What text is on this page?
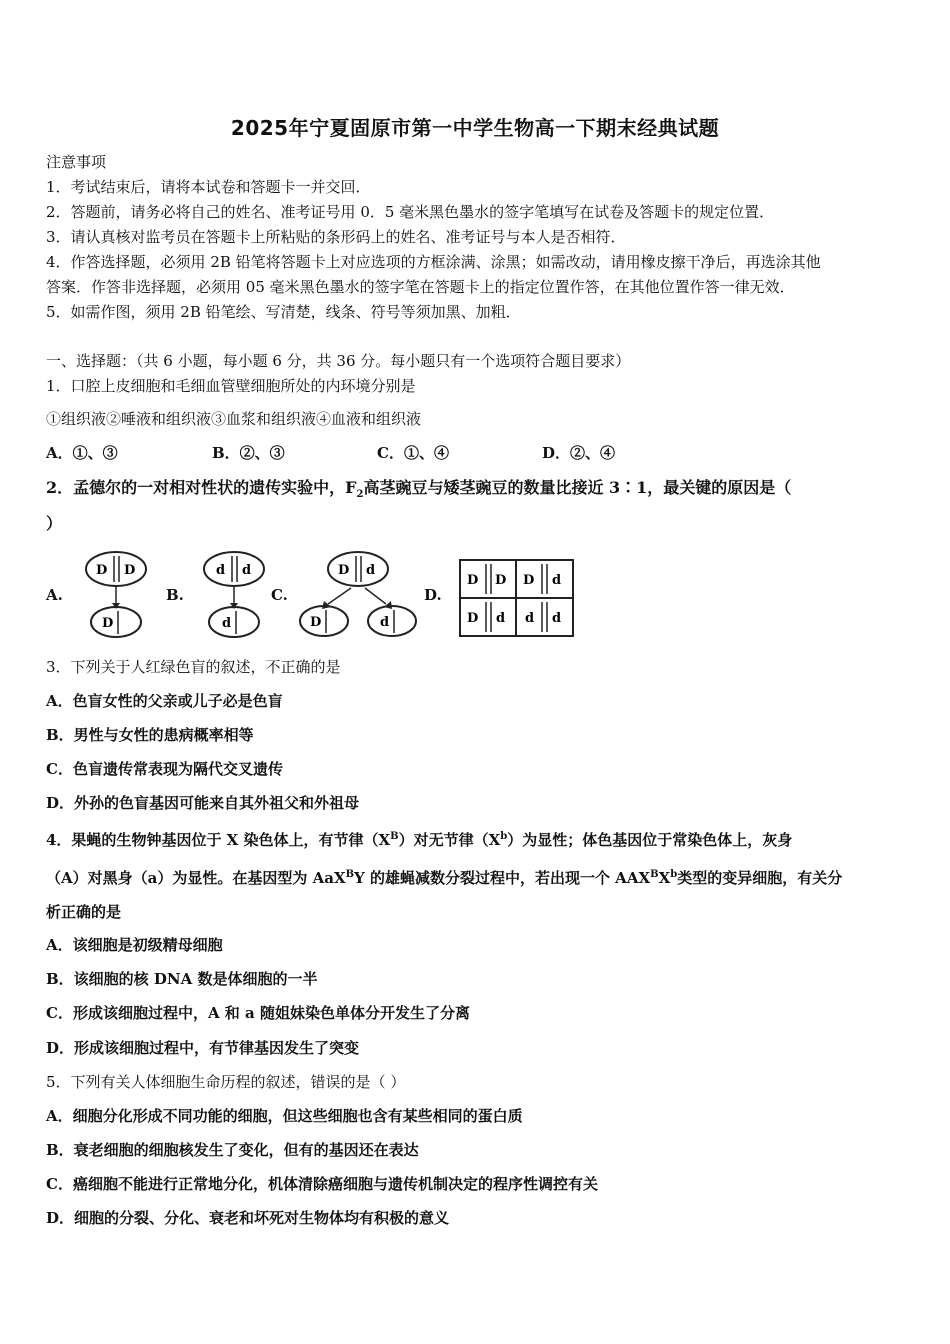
2025年宁夏固原市第一中学生物高一下期末经典试题
注意事项
1．考试结束后，请将本试卷和答题卡一并交回．
2．答题前，请务必将自己的姓名、准考证号用 0．5 毫米黑色墨水的签字笔填写在试卷及答题卡的规定位置．
3．请认真核对监考员在答题卡上所粘贴的条形码上的姓名、准考证号与本人是否相符．
4．作答选择题，必须用 2B 铅笔将答题卡上对应选项的方框涂满、涂黑；如需改动，请用橡皮擦干净后，再选涂其他
答案．作答非选择题，必须用 05 毫米黑色墨水的签字笔在答题卡上的指定位置作答，在其他位置作答一律无效．
5．如需作图，须用 2B 铅笔绘、写清楚，线条、符号等须加黑、加粗．
一、选择题：（共 6 小题，每小题 6 分，共 36 分。每小题只有一个选项符合题目要求）
1．口腔上皮细胞和毛细血管壁细胞所处的内环境分别是
①组织液②唾液和组织液③血浆和组织液④血液和组织液
A．①、③	B．②、③	C．①、④	D．②、④
2．孟德尔的一对相对性状的遗传实验中，$F_2$高茎豌豆与矮茎豌豆的数量比接近 3∶1，最关键的原因是（
）
A.	B.	C.	D.
D D
D
d d
d
D d
D	d
D D D d
D d d d
3．下列关于人红绿色盲的叙述，不正确的是
A．色盲女性的父亲或儿子必是色盲
B．男性与女性的患病概率相等
C．色盲遗传常表现为隔代交叉遗传
D．外孙的色盲基因可能来自其外祖父和外祖母
4．果蝇的生物钟基因位于 X 染色体上，有节律$(X^B)$对无节律$(X^b)$为显性；体色基因位于常染色体上，灰身
（A）对黑身（a）为显性。在基因型为 AaX$^B$Y 的雄蝇减数分裂过程中，若出现一个 $AAX^BX^b$类型的变异细胞，有关分
析正确的是
A．该细胞是初级精母细胞
B．该细胞的核 DNA 数是体细胞的一半
C．形成该细胞过程中，A 和 a 随姐妹染色单体分开发生了分离
D．形成该细胞过程中，有节律基因发生了突变
5．下列有关人体细胞生命历程的叙述，错误的是（ ）
A．细胞分化形成不同功能的细胞，但这些细胞也含有某些相同的蛋白质
B．衰老细胞的细胞核发生了变化，但有的基因还在表达
C．癌细胞不能进行正常地分化，机体清除癌细胞与遗传机制决定的程序性调控有关
D．细胞的分裂、分化、衰老和坏死对生物体均有积极的意义
